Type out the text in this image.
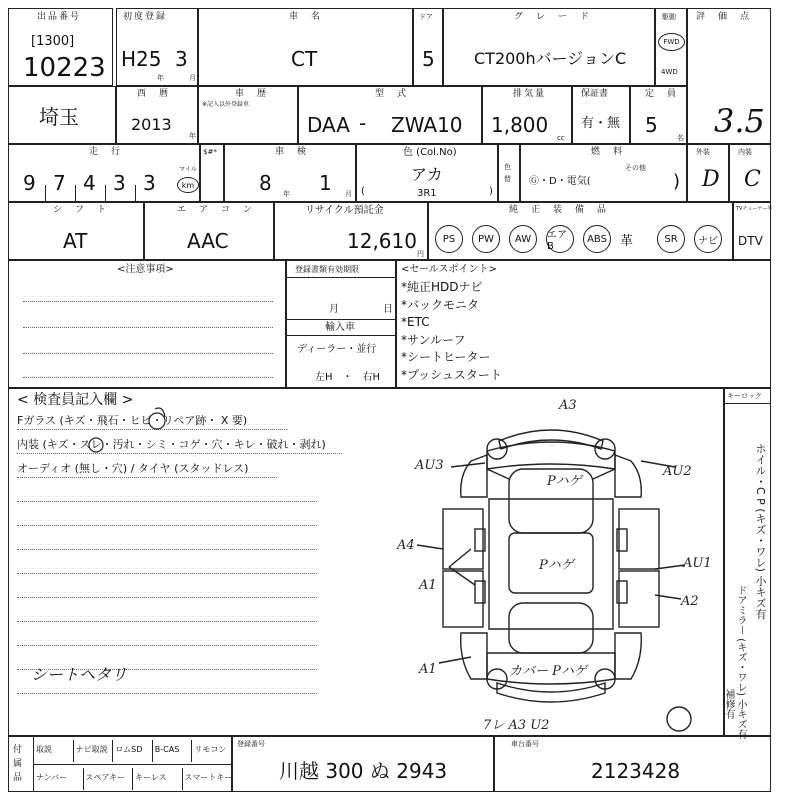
出品番号
[1300]
10223
初度登録
H25 3
年	月
車　名
CT
ドア
5
グ　レ　ー　ド
CT200hバージョンC
駆動
FWD
4WD
評　価　点
3.5
埼玉
西　暦
2013
年
車　歴
※記入以外登録車
型　式
DAA - ZWA10
排気量
1,800
cc
保証書
有・無
定　員
5
名
走　行
9 7 4 3 3
マイル
km
$#*	車　検
8 年 1 月
色 (Col.No)
アカ
(	3R1	)
色替
燃　料
Ⓖ・D・電気(
その他
)
外装
D
内装
C
シ　フ　ト
AT
エ　ア　コ　ン
AAC
リサイクル預託金
12,610
円
純　正　装　備　品
PS	PW	AW	エアB
ABS	革	SR	ナビ
TVチューナー等
DTV
<注意事項>	登録書類有効期限
月	日
輸入車
ディーラー・並行
左H　・　右H
<セールスポイント>
*純正HDDナビ
*バックモニタ
*ETC
*サンルーフ
*シートヒーター
*プッシュスタート
< 検査員記入欄 >
Fガラス (キズ・飛石・ヒビ・リペア跡・ X 要)
内装 (キズ・スレ・汚れ・シミ・コゲ・穴・キレ・破れ・剥れ)
オーディオ (無し・穴) / タイヤ (スタッドレス)
シートヘタリ
A3
AU3
Pハゲ
AU2
A4
A1
Pハゲ	AU1
A2
A1	カバー Pハゲ
7レ A3 U2
キーロック
ホイル・C P (キズ・ワレ) 小キズ有
ドアミラー (キズ・ワレ) 小キズ有
補修有
付属品
取説	ナビ取説 ロムSD B-CAS リモコン
ナンバー スペアキー キーレス スマートキー
登録番号
川越 300 ぬ 2943
車台番号
2123428
